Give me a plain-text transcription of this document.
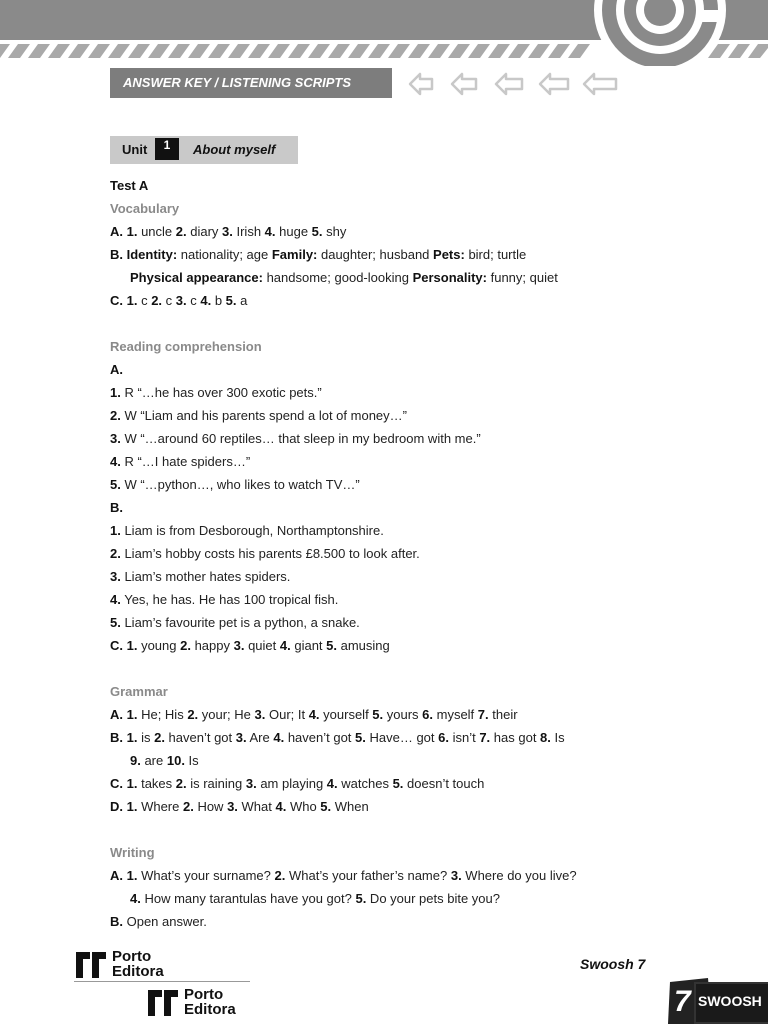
ANSWER KEY / LISTENING SCRIPTS
Unit	1	About myself
Test A
Vocabulary
A. 1. uncle 2. diary 3. Irish 4. huge 5. shy
B. Identity: nationality; age Family: daughter; husband Pets: bird; turtle
Physical appearance: handsome; good-looking Personality: funny; quiet
C. 1. c 2. c 3. c 4. b 5. a
Reading comprehension
A.
1. R “…he has over 300 exotic pets.”
2. W “Liam and his parents spend a lot of money…”
3. W “…around 60 reptiles… that sleep in my bedroom with me.”
4. R “…I hate spiders…”
5. W “…python…, who likes to watch TV…”
B.
1. Liam is from Desborough, Northamptonshire.
2. Liam’s hobby costs his parents £8.500 to look after.
3. Liam’s mother hates spiders.
4. Yes, he has. He has 100 tropical fish.
5. Liam’s favourite pet is a python, a snake.
C. 1. young 2. happy 3. quiet 4. giant 5. amusing
Grammar
A. 1. He; His 2. your; He 3. Our; It 4. yourself 5. yours 6. myself 7. their
B. 1. is 2. haven’t got 3. Are 4. haven’t got 5. Have… got 6. isn’t 7. has got 8. Is
9. are 10. Is
C. 1. takes 2. is raining 3. am playing 4. watches 5. doesn’t touch
D. 1. Where 2. How 3. What 4. Who 5. When
Writing
A. 1. What’s your surname? 2. What’s your father’s name? 3. Where do you live?
4. How many tarantulas have you got? 5. Do your pets bite you?
B. Open answer.
Porto
Editora
Porto
Editora
Swoosh 7
7 SWOOSH
